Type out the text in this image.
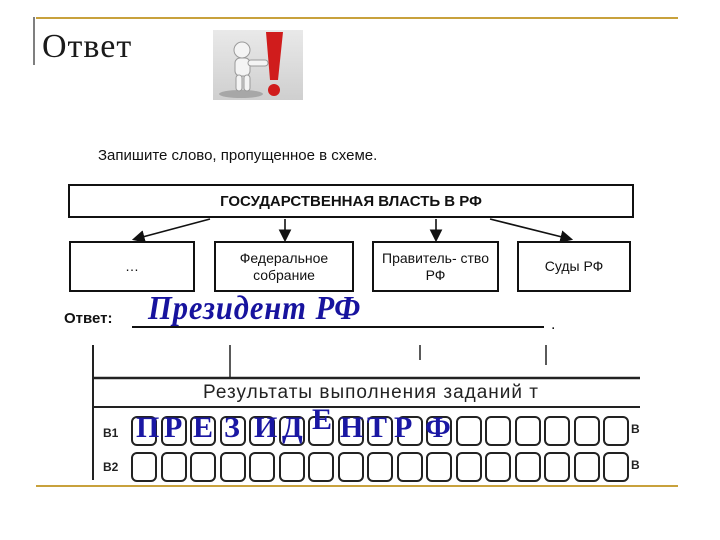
Ответ
Запишите слово, пропущенное в схеме.
ГОСУДАРСТВЕННАЯ ВЛАСТЬ В РФ
…
Федеральное собрание
Правитель- ство РФ
Суды РФ
Ответ:	.
Президент РФ
Результаты выполнения заданий т
B1
B2
В
В
П Р Е З И Д Е Н Т Р Ф
